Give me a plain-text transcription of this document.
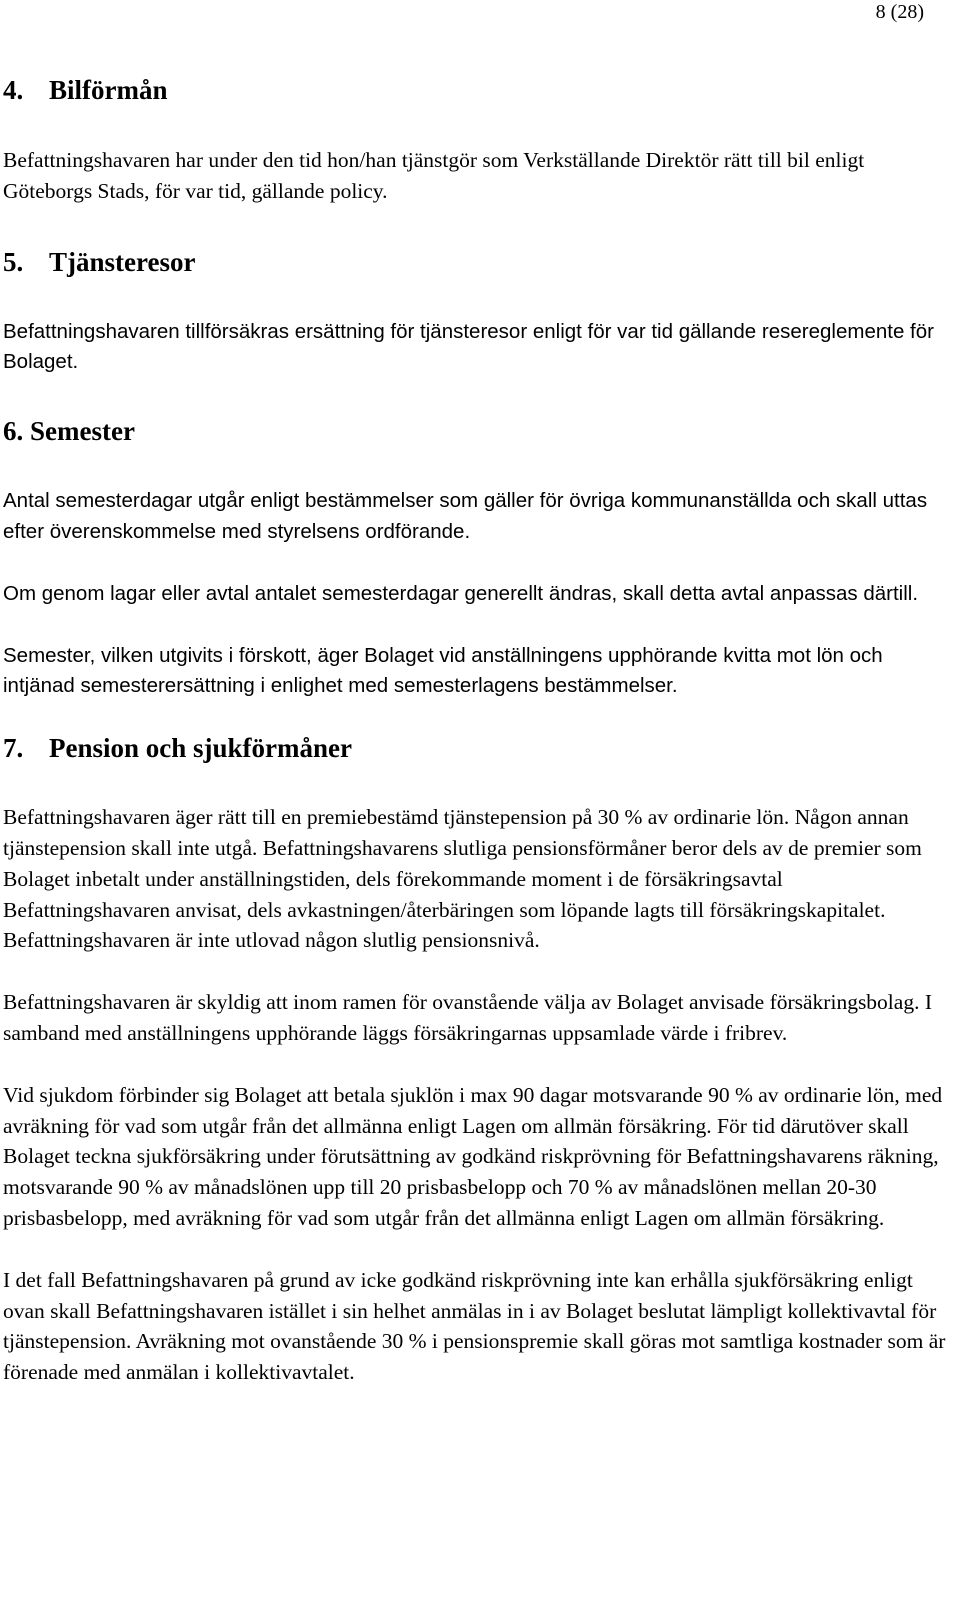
8 (28)
4. Bilförmån

Befattningshavaren har under den tid hon/han tjänstgör som Verkställande Direktör rätt till bil enligt Göteborgs Stads, för var tid, gällande policy.

5. Tjänsteresor

Befattningshavaren tillförsäkras ersättning för tjänsteresor enligt för var tid gällande resereglemente för Bolaget.

6. Semester

Antal semesterdagar utgår enligt bestämmelser som gäller för övriga kommunanställda och skall uttas efter överenskommelse med styrelsens ordförande.

Om genom lagar eller avtal antalet semesterdagar generellt ändras, skall detta avtal anpassas därtill.

Semester, vilken utgivits i förskott, äger Bolaget vid anställningens upphörande kvitta mot lön och intjänad semesterersättning i enlighet med semesterlagens bestämmelser.

7. Pension och sjukförmåner

Befattningshavaren äger rätt till en premiebestämd tjänstepension på 30 % av ordinarie lön. Någon annan tjänstepension skall inte utgå. Befattningshavarens slutliga pensionsförmåner beror dels av de premier som Bolaget inbetalt under anställningstiden, dels förekommande moment i de försäkringsavtal Befattningshavaren anvisat, dels avkastningen/återbäringen som löpande lagts till försäkringskapitalet. Befattningshavaren är inte utlovad någon slutlig pensionsnivå.

Befattningshavaren är skyldig att inom ramen för ovanstående välja av Bolaget anvisade försäkringsbolag. I samband med anställningens upphörande läggs försäkringarnas uppsamlade värde i fribrev.

Vid sjukdom förbinder sig Bolaget att betala sjuklön i max 90 dagar motsvarande 90 % av ordinarie lön, med avräkning för vad som utgår från det allmänna enligt Lagen om allmän försäkring. För tid därutöver skall Bolaget teckna sjukförsäkring under förutsättning av godkänd riskprövning för Befattningshavarens räkning, motsvarande 90 % av månadslönen upp till 20 prisbasbelopp och 70 % av månadslönen mellan 20-30 prisbasbelopp, med avräkning för vad som utgår från det allmänna enligt Lagen om allmän försäkring.

I det fall Befattningshavaren på grund av icke godkänd riskprövning inte kan erhålla sjukförsäkring enligt ovan skall Befattningshavaren istället i sin helhet anmälas in i av Bolaget beslutat lämpligt kollektivavtal för tjänstepension. Avräkning mot ovanstående 30 % i pensionspremie skall göras mot samtliga kostnader som är förenade med anmälan i kollektivavtalet.
